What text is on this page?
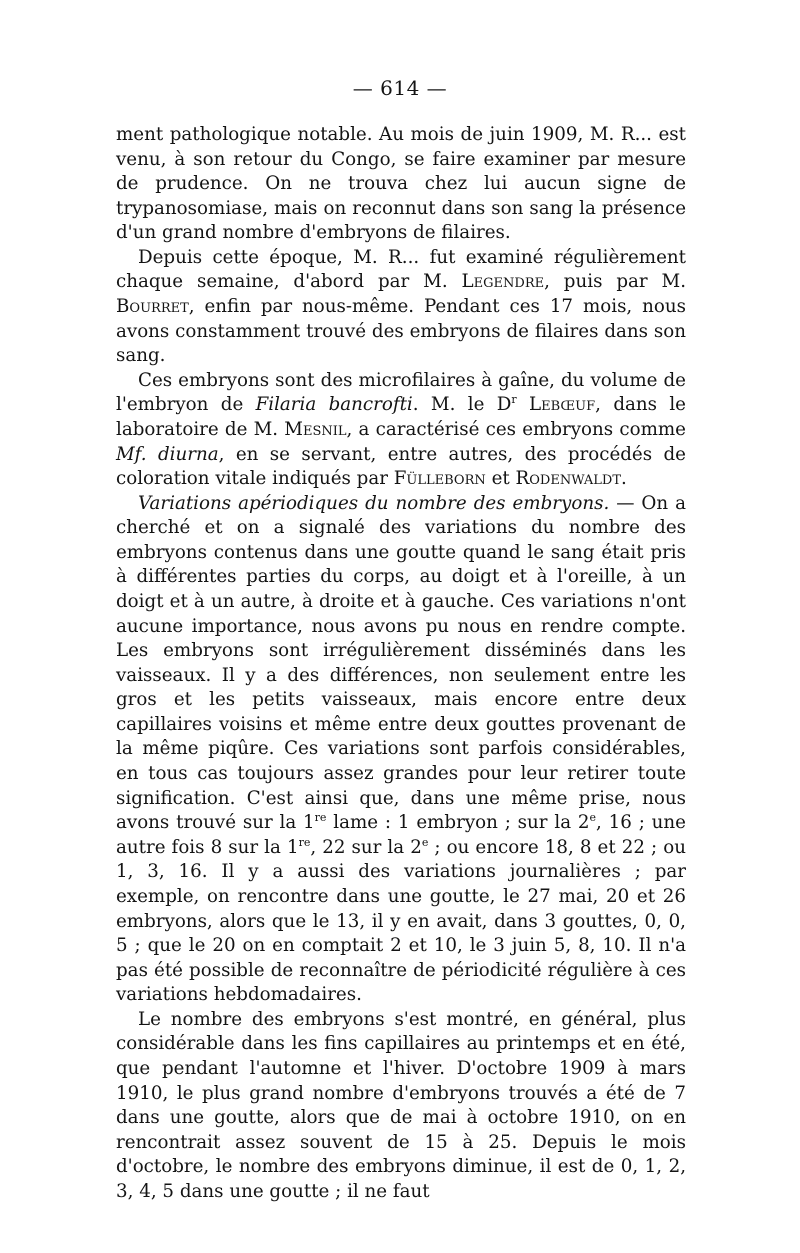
— 614 —

ment pathologique notable. Au mois de juin 1909, M. R... est venu, à son retour du Congo, se faire examiner par mesure de prudence. On ne trouva chez lui aucun signe de trypanosomiase, mais on reconnut dans son sang la présence d'un grand nombre d'embryons de filaires.

Depuis cette époque, M. R... fut examiné régulièrement chaque semaine, d'abord par M. Legendre, puis par M. Bourret, enfin par nous-même. Pendant ces 17 mois, nous avons constamment trouvé des embryons de filaires dans son sang.

Ces embryons sont des microfilaires à gaîne, du volume de l'embryon de Filaria bancrofti. M. le $D^r$ Lebœuf, dans le laboratoire de M. Mesnil, a caractérisé ces embryons comme Mf. diurna, en se servant, entre autres, des procédés de coloration vitale indiqués par Fülleborn et Rodenwaldt.

Variations apériodiques du nombre des embryons. — On a cherché et on a signalé des variations du nombre des embryons contenus dans une goutte quand le sang était pris à différentes parties du corps, au doigt et à l'oreille, à un doigt et à un autre, à droite et à gauche. Ces variations n'ont aucune importance, nous avons pu nous en rendre compte. Les embryons sont irrégulièrement disséminés dans les vaisseaux. Il y a des différences, non seulement entre les gros et les petits vaisseaux, mais encore entre deux capillaires voisins et même entre deux gouttes provenant de la même piqûre. Ces variations sont parfois considérables, en tous cas toujours assez grandes pour leur retirer toute signification. C'est ainsi que, dans une même prise, nous avons trouvé sur la 1re lame : 1 embryon ; sur la 2e, 16 ; une autre fois 8 sur la 1re, 22 sur la 2e ; ou encore 18, 8 et 22 ; ou 1, 3, 16. Il y a aussi des variations journalières ; par exemple, on rencontre dans une goutte, le 27 mai, 20 et 26 embryons, alors que le 13, il y en avait, dans 3 gouttes, 0, 0, 5 ; que le 20 on en comptait 2 et 10, le 3 juin 5, 8, 10. Il n'a pas été possible de reconnaître de périodicité régulière à ces variations hebdomadaires.

Le nombre des embryons s'est montré, en général, plus considérable dans les fins capillaires au printemps et en été, que pendant l'automne et l'hiver. D'octobre 1909 à mars 1910, le plus grand nombre d'embryons trouvés a été de 7 dans une goutte, alors que de mai à octobre 1910, on en rencontrait assez souvent de 15 à 25. Depuis le mois d'octobre, le nombre des embryons diminue, il est de 0, 1, 2, 3, 4, 5 dans une goutte ; il ne faut
